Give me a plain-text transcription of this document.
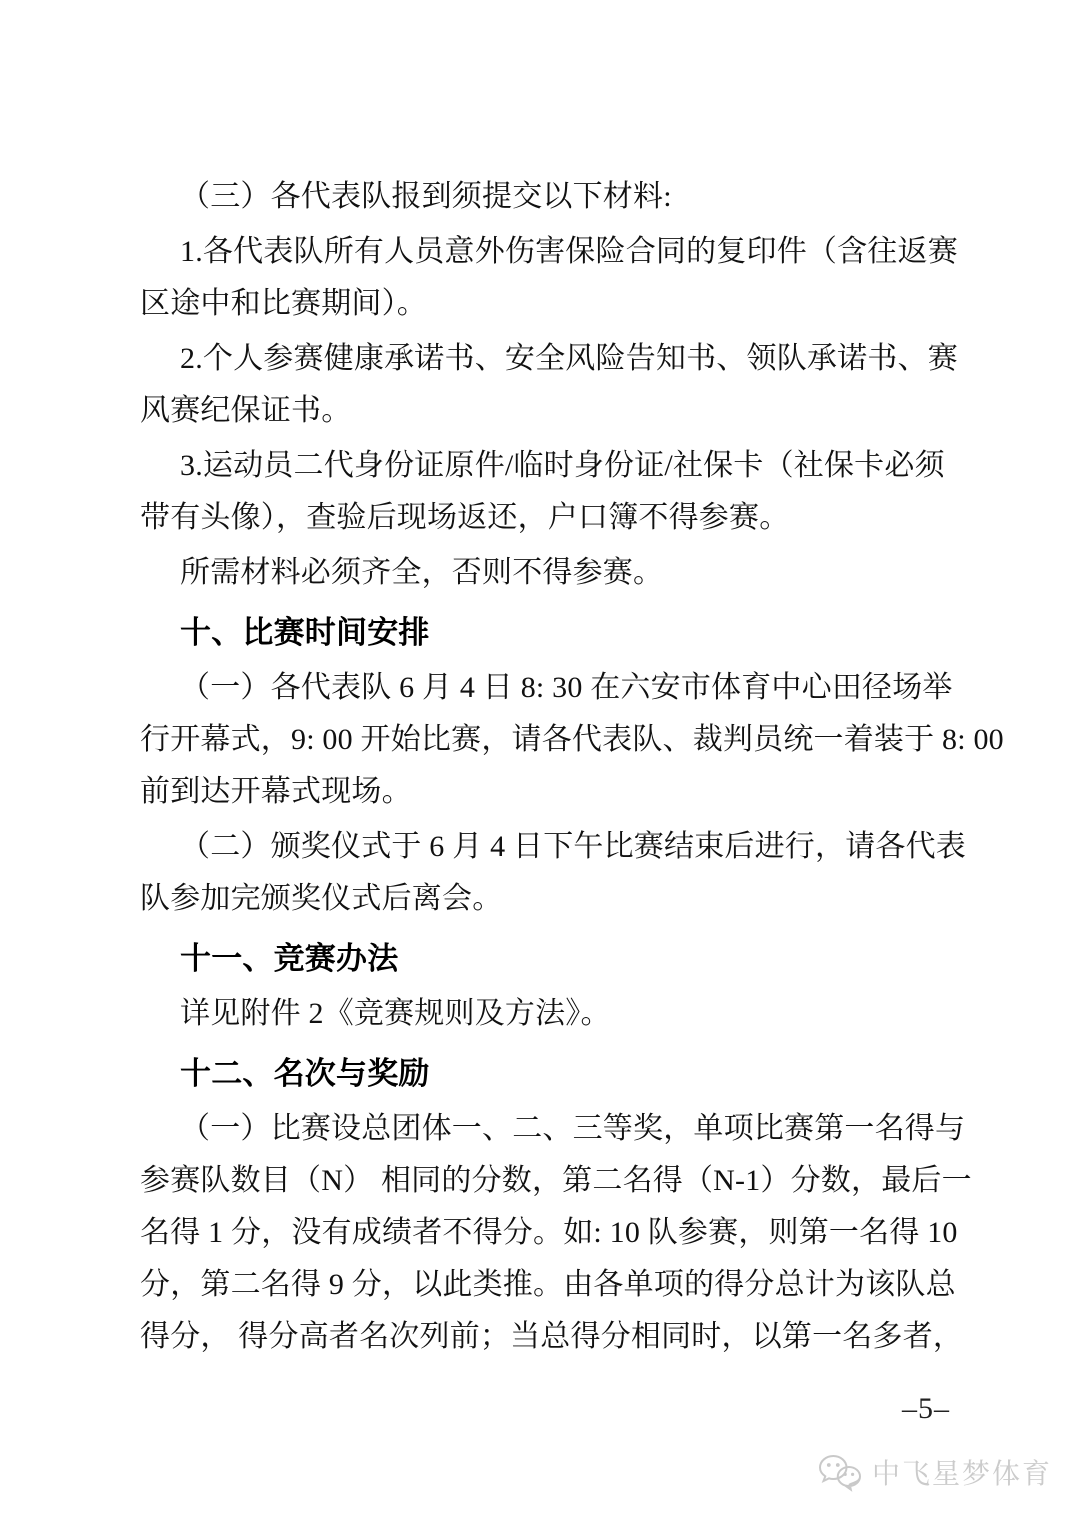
（三）各代表队报到须提交以下材料:

1.各代表队所有人员意外伤害保险合同的复印件（含往返赛

区途中和比赛期间）。

2.个人参赛健康承诺书、安全风险告知书、领队承诺书、赛

风赛纪保证书。

3.运动员二代身份证原件/临时身份证/社保卡（社保卡必须

带有头像），查验后现场返还，户口簿不得参赛。

所需材料必须齐全，否则不得参赛。

十、比赛时间安排

（一）各代表队 6 月 4 日 8: 30 在六安市体育中心田径场举

行开幕式，9: 00 开始比赛，请各代表队、裁判员统一着装于 8: 00

前到达开幕式现场。

（二）颁奖仪式于 6 月 4 日下午比赛结束后进行，请各代表

队参加完颁奖仪式后离会。

十一、竞赛办法

详见附件 2《竞赛规则及方法》。

十二、名次与奖励

（一）比赛设总团体一、二、三等奖，单项比赛第一名得与

参赛队数目（N） 相同的分数，第二名得（N-1）分数，最后一

名得 1 分，没有成绩者不得分。如: 10 队参赛，则第一名得 10

分，第二名得 9 分，以此类推。由各单项的得分总计为该队总

得分， 得分高者名次列前；当总得分相同时，以第一名多者，

–5–
中飞星梦体育
